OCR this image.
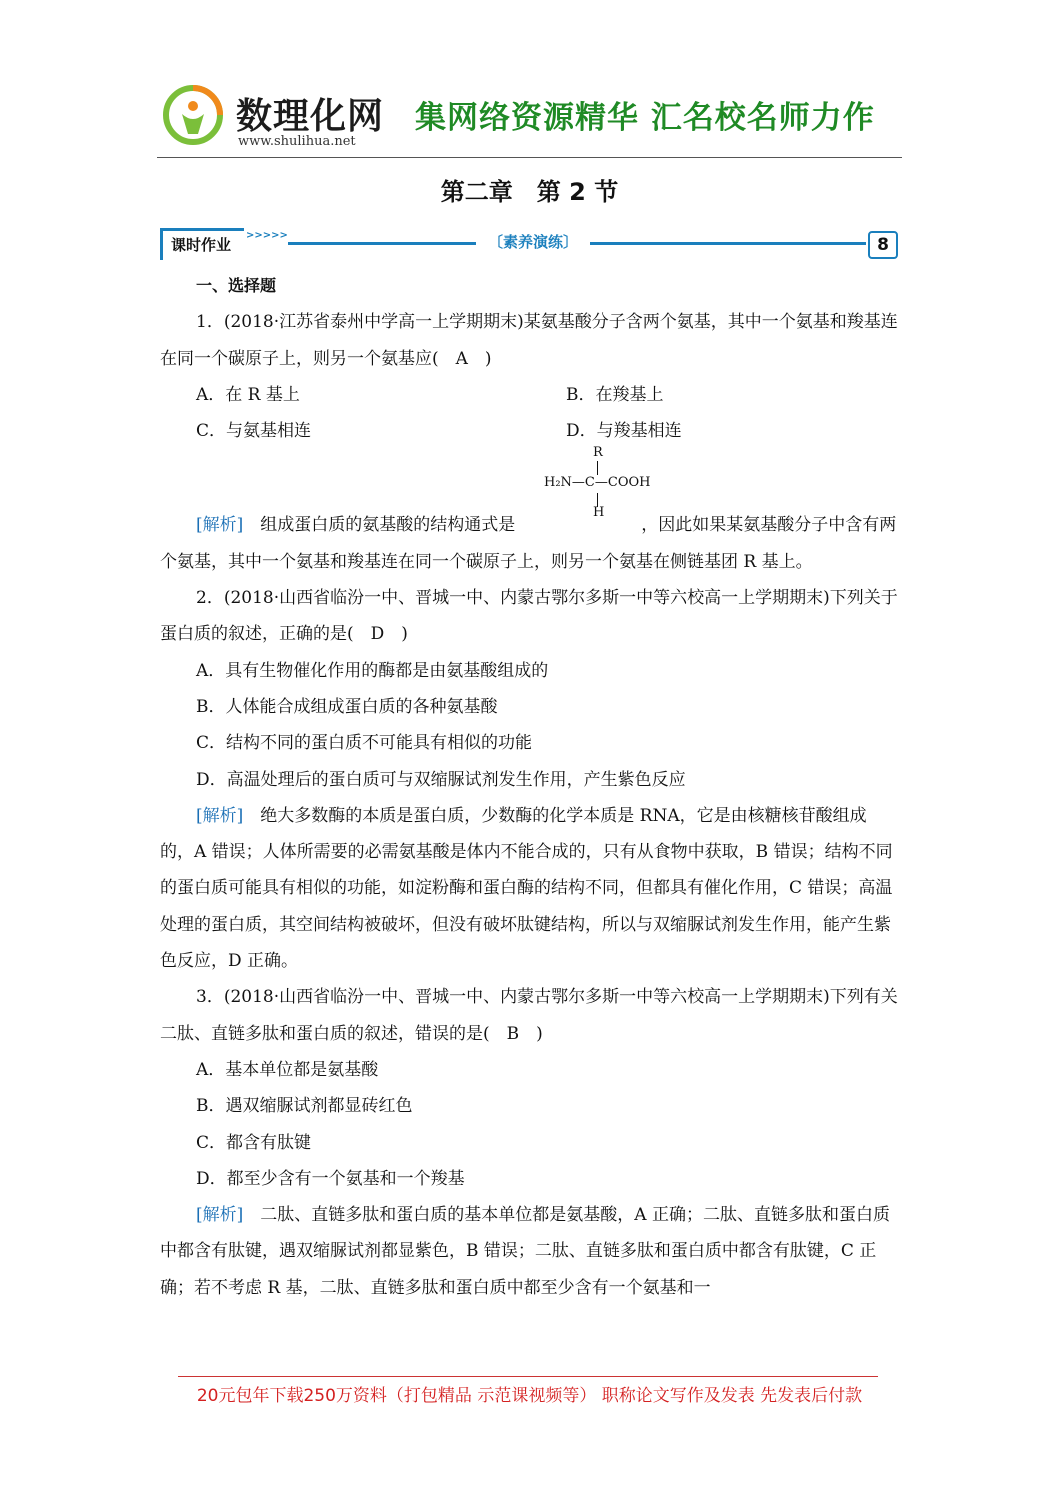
数理化网
www.shulihua.net
集网络资源精华 汇名校名师力作
第二章　第 2 节
课时作业
>>>>>	〔素养演练〕	8

一、选择题

1．(2018·江苏省泰州中学高一上学期期末)某氨基酸分子含两个氨基，其中一个氨基和羧基连在同一个碳原子上，则另一个氨基应(　A　)

A．在 R 基上	B．在羧基上
C．与氨基相连	D．与羧基相连
R
H₂N—C—COOH
H

[解析]　组成蛋白质的氨基酸的结构通式是	，因此如果某氨基酸分子中含有两个氨基，其中一个氨基和羧基连在同一个碳原子上，则另一个氨基在侧链基团 R 基上。

2．(2018·山西省临汾一中、晋城一中、内蒙古鄂尔多斯一中等六校高一上学期期末)下列关于蛋白质的叙述，正确的是(　D　)

A．具有生物催化作用的酶都是由氨基酸组成的
B．人体能合成组成蛋白质的各种氨基酸
C．结构不同的蛋白质不可能具有相似的功能
D．高温处理后的蛋白质可与双缩脲试剂发生作用，产生紫色反应

[解析]　绝大多数酶的本质是蛋白质，少数酶的化学本质是 RNA，它是由核糖核苷酸组成的，A 错误；人体所需要的必需氨基酸是体内不能合成的，只有从食物中获取，B 错误；结构不同的蛋白质可能具有相似的功能，如淀粉酶和蛋白酶的结构不同，但都具有催化作用，C 错误；高温处理的蛋白质，其空间结构被破坏，但没有破坏肽键结构，所以与双缩脲试剂发生作用，能产生紫色反应，D 正确。

3．(2018·山西省临汾一中、晋城一中、内蒙古鄂尔多斯一中等六校高一上学期期末)下列有关二肽、直链多肽和蛋白质的叙述，错误的是(　B　)

A．基本单位都是氨基酸
B．遇双缩脲试剂都显砖红色
C．都含有肽键
D．都至少含有一个氨基和一个羧基

[解析]　二肽、直链多肽和蛋白质的基本单位都是氨基酸，A 正确；二肽、直链多肽和蛋白质中都含有肽键，遇双缩脲试剂都显紫色，B 错误；二肽、直链多肽和蛋白质中都含有肽键，C 正确；若不考虑 R 基，二肽、直链多肽和蛋白质中都至少含有一个氨基和一

20元包年下载250万资料（打包精品 示范课视频等） 职称论文写作及发表 先发表后付款
